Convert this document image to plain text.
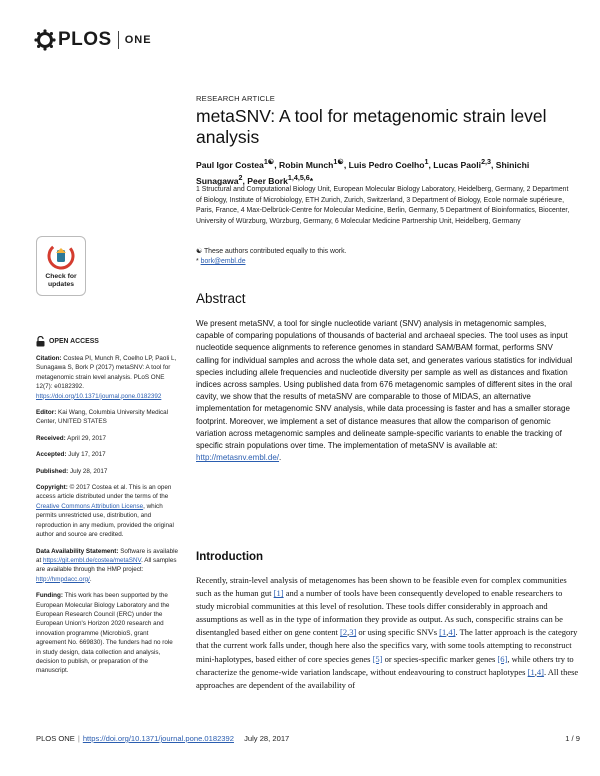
PLOS ONE
RESEARCH ARTICLE
metaSNV: A tool for metagenomic strain level analysis
Paul Igor Costea$^{1☯}$, Robin Munch$^{1☯}$, Luis Pedro Coelho$^1$, Lucas Paoli$^{2,3}$, Shinichi Sunagawa$^2$, Peer Bork$^{1,4,5,6}$*
1 Structural and Computational Biology Unit, European Molecular Biology Laboratory, Heidelberg, Germany, 2 Department of Biology, Institute of Microbiology, ETH Zurich, Zurich, Switzerland, 3 Department of Biology, Ecole normale supérieure, Paris, France, 4 Max-Delbrück-Centre for Molecular Medicine, Berlin, Germany, 5 Department of Bioinformatics, Biocenter, University of Würzburg, Würzburg, Germany, 6 Molecular Medicine Partnership Unit, Heidelberg, Germany
☯ These authors contributed equally to this work.
* bork@embl.de
Abstract

We present metaSNV, a tool for single nucleotide variant (SNV) analysis in metagenomic samples, capable of comparing populations of thousands of bacterial and archaeal species. The tool uses as input nucleotide sequence alignments to reference genomes in standard SAM/BAM format, performs SNV calling for individual samples and across the whole data set, and generates various statistics for individual species including allele frequencies and nucleotide diversity per sample as well as distances and fixation indices across samples. Using published data from 676 metagenomic samples of different sites in the oral cavity, we show that the results of metaSNV are comparable to those of MIDAS, an alternative implementation for metagenomic SNV analysis, while data processing is faster and has a smaller storage footprint. Moreover, we implement a set of distance measures that allow the comparison of genomic variation across metagenomic samples and delineate sample-specific variants to enable the tracking of specific strain populations over time. The implementation of metaSNV is available at: http://metasnv.embl.de/.

Introduction

Recently, strain-level analysis of metagenomes has been shown to be feasible even for complex communities such as the human gut [1] and a number of tools have been consequently developed to enable researchers to study microbial communities at this level of resolution. These tools differ considerably in approach and assumptions as well as in the type of information they provide as output. As such, conspecific strains can be disentangled based either on gene content [2,3] or using specific SNVs [1,4]. The latter approach is the category that the current work falls under, though here also the specifics vary, with some tools attempting to reconstruct mini-haplotypes, based either of core species genes [5] or species-specific marker genes [6], while others try to characterize the genome-wide variation landscape, without endeavouring to construct haplotypes [1,4]. All these approaches are dependent of the availability of

Check for updates
OPEN ACCESS

Citation: Costea PI, Munch R, Coelho LP, Paoli L, Sunagawa S, Bork P (2017) metaSNV: A tool for metagenomic strain level analysis. PLoS ONE 12(7): e0182392. https://doi.org/10.1371/journal.pone.0182392

Editor: Kai Wang, Columbia University Medical Center, UNITED STATES

Received: April 29, 2017

Accepted: July 17, 2017

Published: July 28, 2017

Copyright: © 2017 Costea et al. This is an open access article distributed under the terms of the Creative Commons Attribution License, which permits unrestricted use, distribution, and reproduction in any medium, provided the original author and source are credited.

Data Availability Statement: Software is available at https://git.embl.de/costea/metaSNV. All samples are available through the HMP project: http://hmpdacc.org/.

Funding: This work has been supported by the European Molecular Biology Laboratory and the European Research Council (ERC) under the European Union's Horizon 2020 research and innovation programme (MicrobioS, grant agreement No. 669830). The funders had no role in study design, data collection and analysis, decision to publish, or preparation of the manuscript.

PLOS ONE | https://doi.org/10.1371/journal.pone.0182392 July 28, 2017	1 / 9
